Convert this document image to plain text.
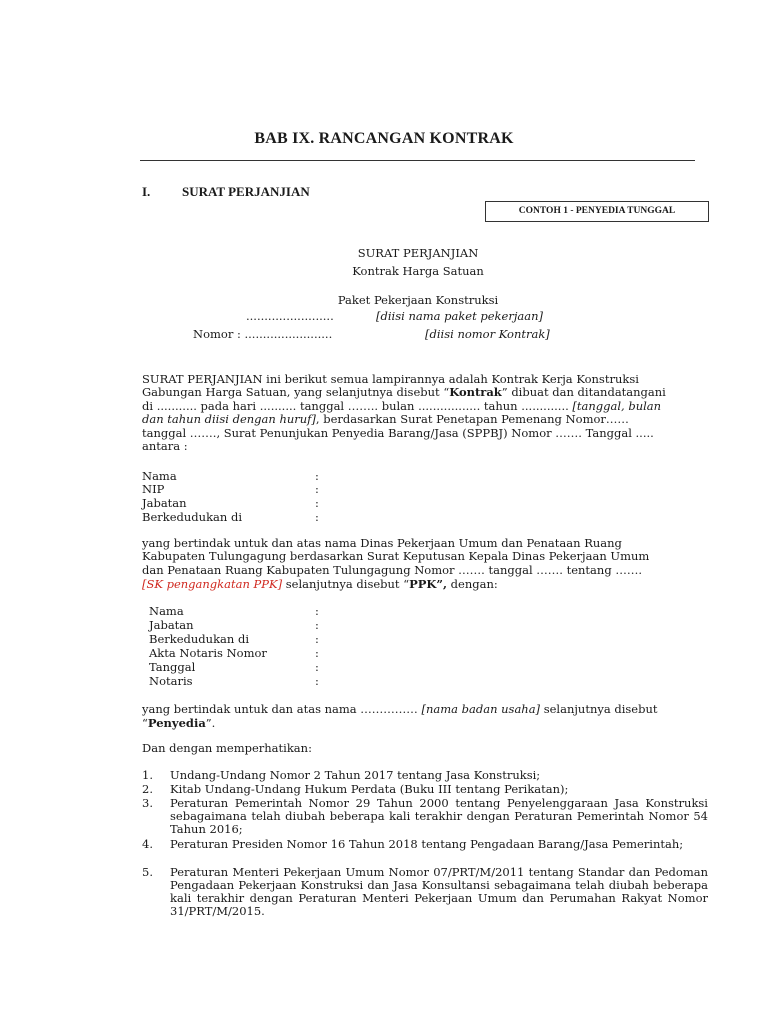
BAB IX. RANCANGAN KONTRAK
I. SURAT PERJANJIAN
CONTOH 1 - PENYEDIA TUNGGAL
SURAT PERJANJIAN
Kontrak Harga Satuan
Paket Pekerjaan Konstruksi
........................	[diisi nama paket pekerjaan]
Nomor : ........................	[diisi nomor Kontrak]
SURAT PERJANJIAN ini berikut semua lampirannya adalah Kontrak Kerja Konstruksi
Gabungan Harga Satuan, yang selanjutnya disebut “Kontrak” dibuat dan ditandatangani
di ........... pada hari .......... tanggal …….. bulan ................. tahun ............. [tanggal, bulan
dan tahun diisi dengan huruf], berdasarkan Surat Penetapan Pemenang Nomor……
tanggal ……., Surat Penunjukan Penyedia Barang/Jasa (SPPBJ) Nomor ……. Tanggal .....
antara :
Nama	:
NIP	:
Jabatan	:
Berkedudukan di	:
yang bertindak untuk dan atas nama Dinas Pekerjaan Umum dan Penataan Ruang
Kabupaten Tulungagung berdasarkan Surat Keputusan Kepala Dinas Pekerjaan Umum
dan Penataan Ruang Kabupaten Tulungagung Nomor ……. tanggal ……. tentang …….
[SK pengangkatan PPK] selanjutnya disebut “PPK”, dengan:
Nama	:
Jabatan	:
Berkedudukan di	:
Akta Notaris Nomor	:
Tanggal	:
Notaris	:
yang bertindak untuk dan atas nama …………… [nama badan usaha] selanjutnya disebut
“Penyedia”.
Dan dengan memperhatikan:
1. Undang-Undang Nomor 2 Tahun 2017 tentang Jasa Konstruksi;
2. Kitab Undang-Undang Hukum Perdata (Buku III tentang Perikatan);
3. Peraturan Pemerintah Nomor 29 Tahun 2000 tentang Penyelenggaraan Jasa Konstruksi sebagaimana telah diubah beberapa kali terakhir dengan Peraturan Pemerintah Nomor 54 Tahun 2016;
4. Peraturan Presiden Nomor 16 Tahun 2018 tentang Pengadaan Barang/Jasa Pemerintah;
5. Peraturan Menteri Pekerjaan Umum Nomor 07/PRT/M/2011 tentang Standar dan Pedoman Pengadaan Pekerjaan Konstruksi dan Jasa Konsultansi sebagaimana telah diubah beberapa kali terakhir dengan Peraturan Menteri Pekerjaan Umum dan Perumahan Rakyat Nomor 31/PRT/M/2015.
